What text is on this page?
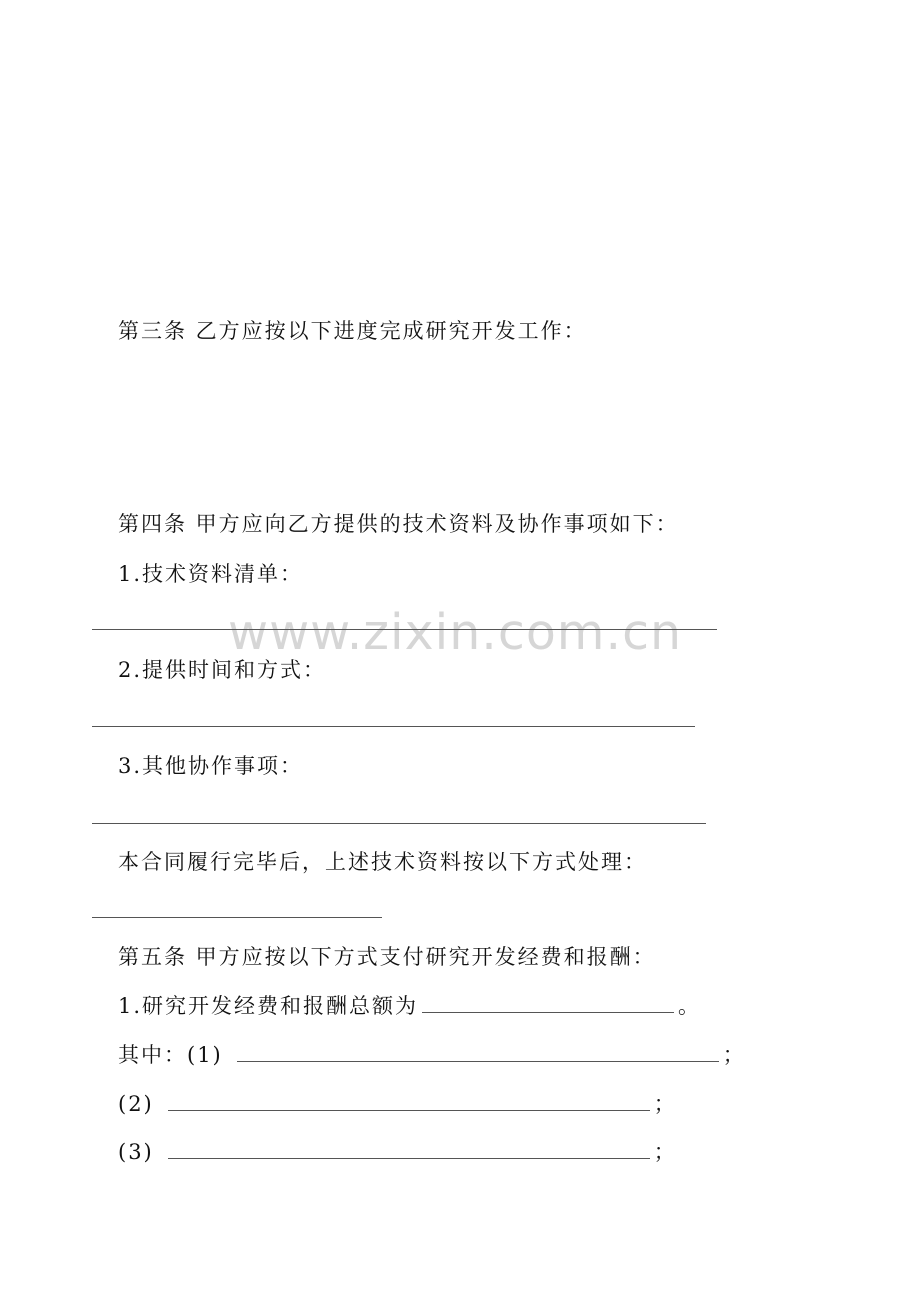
www.zixin.com.cn
第三条 乙方应按以下进度完成研究开发工作：
第四条 甲方应向乙方提供的技术资料及协作事项如下：
1.技术资料清单：
2.提供时间和方式：
3.其他协作事项：
本合同履行完毕后，上述技术资料按以下方式处理：
第五条 甲方应按以下方式支付研究开发经费和报酬：
1.研究开发经费和报酬总额为	。
其中：(1)	；
(2)	；
(3)	；
